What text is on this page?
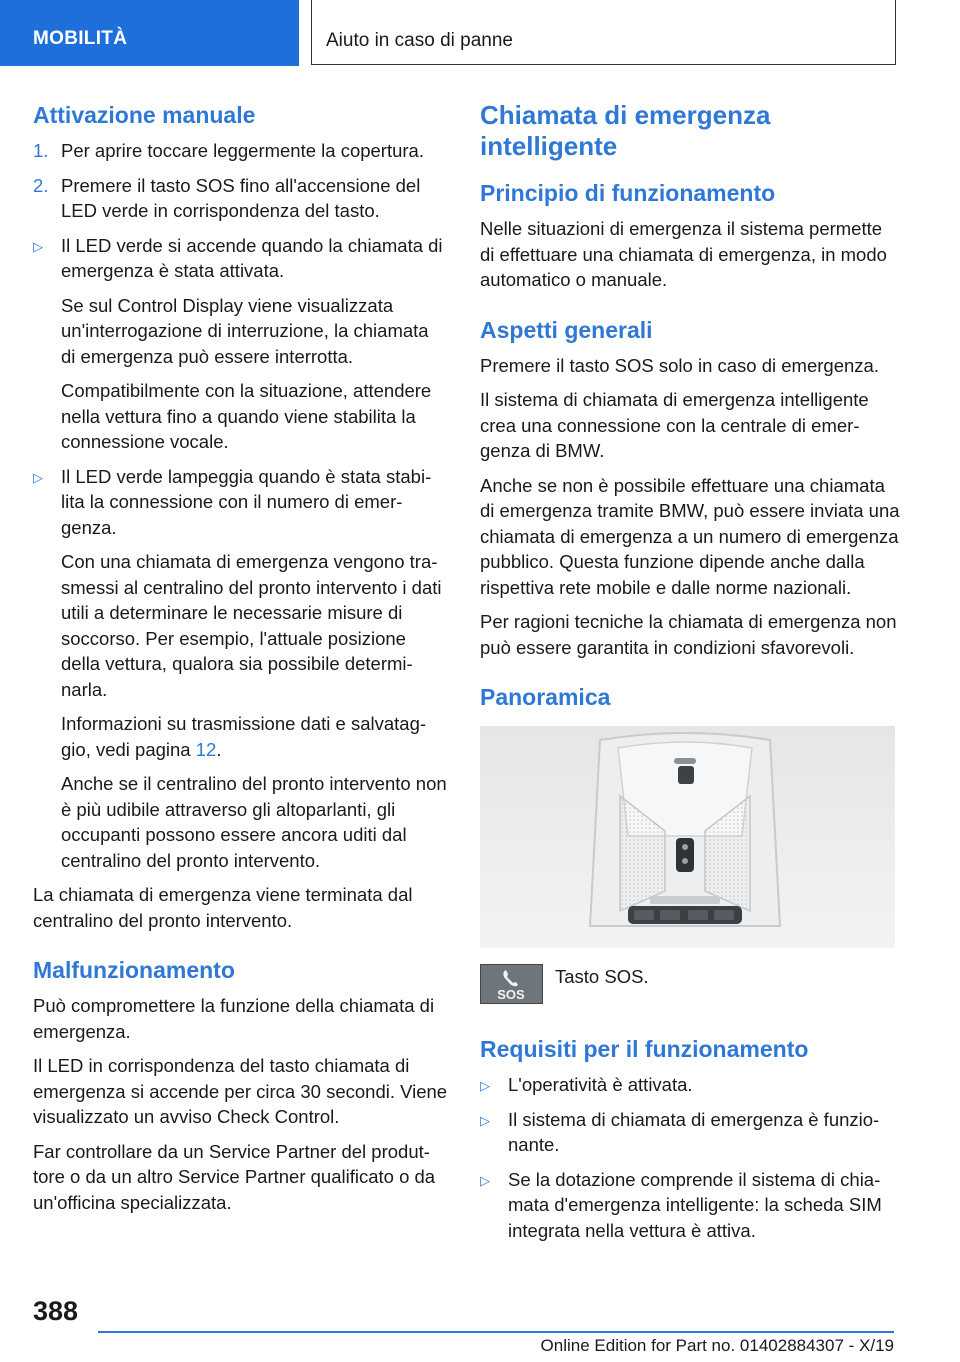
MOBILITÀ	Aiuto in caso di panne
Attivazione manuale
1. Per aprire toccare leggermente la copertura.
2. Premere il tasto SOS fino all'accensione del LED verde in corrispondenza del tasto.
▷ Il LED verde si accende quando la chiamata di emergenza è stata attivata.
Se sul Control Display viene visualizzata un'interrogazione di interruzione, la chiamata di emergenza può essere interrotta.
Compatibilmente con la situazione, attendere nella vettura fino a quando viene stabilita la connessione vocale.
▷ Il LED verde lampeggia quando è stata stabilita la connessione con il numero di emergenza.
Con una chiamata di emergenza vengono trasmessi al centralino del pronto intervento i dati utili a determinare le necessarie misure di soccorso. Per esempio, l'attuale posizione della vettura, qualora sia possibile determinarla.
Informazioni su trasmissione dati e salvataggio, vedi pagina 12.
Anche se il centralino del pronto intervento non è più udibile attraverso gli altoparlanti, gli occupanti possono essere ancora uditi dal centralino del pronto intervento.

La chiamata di emergenza viene terminata dal centralino del pronto intervento.

Malfunzionamento

Può compromettere la funzione della chiamata di emergenza.

Il LED in corrispondenza del tasto chiamata di emergenza si accende per circa 30 secondi. Viene visualizzato un avviso Check Control.

Far controllare da un Service Partner del produttore o da un altro Service Partner qualificato o da un'officina specializzata.

Chiamata di emergenza intelligente
Principio di funzionamento

Nelle situazioni di emergenza il sistema permette di effettuare una chiamata di emergenza, in modo automatico o manuale.

Aspetti generali

Premere il tasto SOS solo in caso di emergenza.

Il sistema di chiamata di emergenza intelligente crea una connessione con la centrale di emergenza di BMW.

Anche se non è possibile effettuare una chiamata di emergenza tramite BMW, può essere inviata una chiamata di emergenza a un numero di emergenza pubblico. Questa funzione dipende anche dalla rispettiva rete mobile e dalle norme nazionali.

Per ragioni tecniche la chiamata di emergenza non può essere garantita in condizioni sfavorevoli.

Panoramica
SOS
Tasto SOS.
Requisiti per il funzionamento
▷ L'operatività è attivata.
▷ Il sistema di chiamata di emergenza è funzionante.
▷ Se la dotazione comprende il sistema di chiamata d'emergenza intelligente: la scheda SIM integrata nella vettura è attiva.
388
Online Edition for Part no. 01402884307 - X/19
